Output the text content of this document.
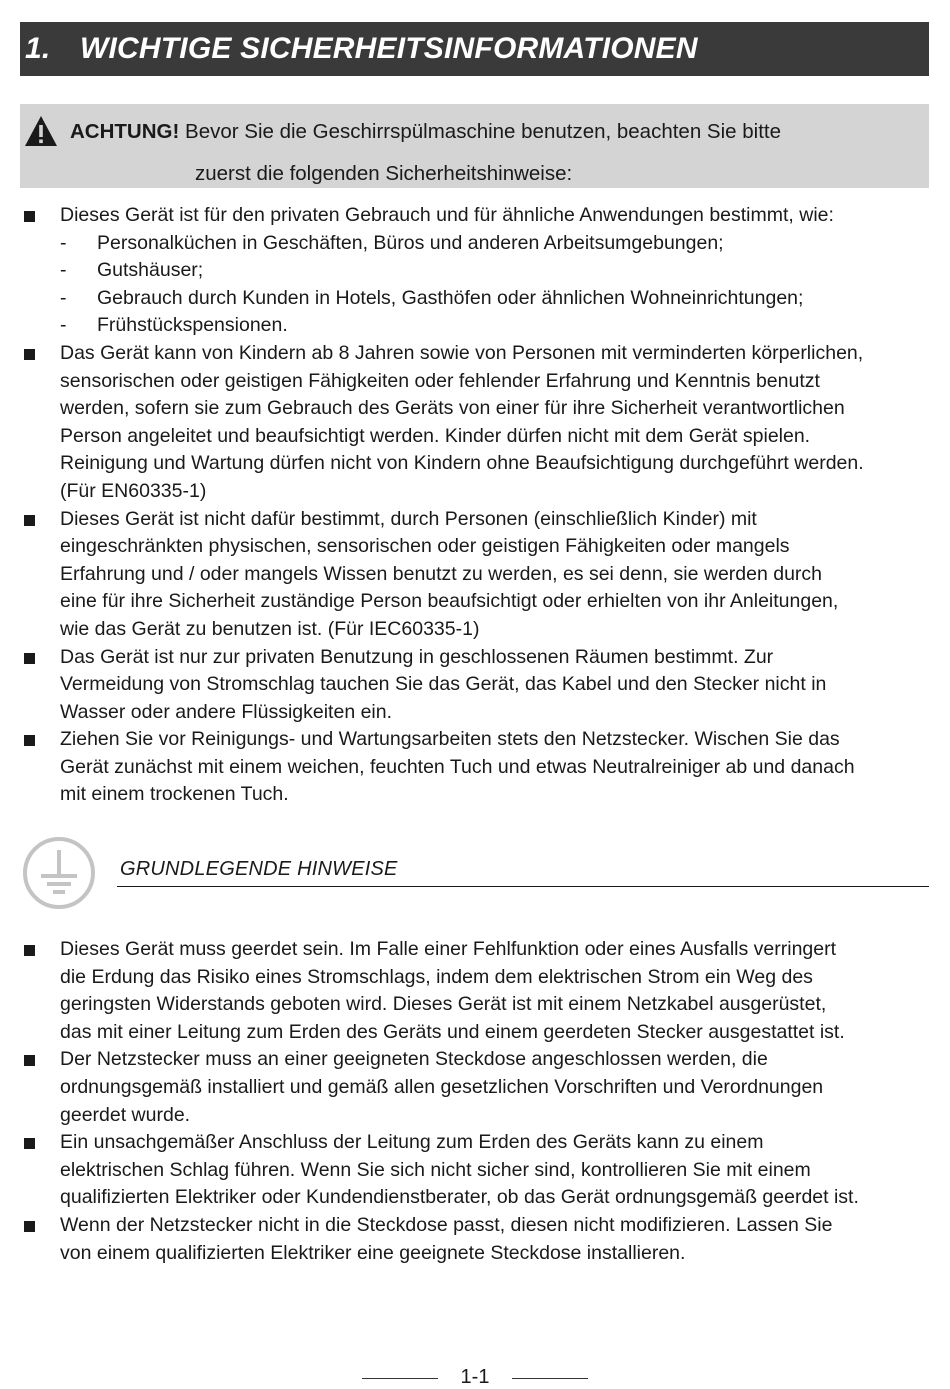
1. WICHTIGE SICHERHEITSINFORMATIONEN
ACHTUNG! Bevor Sie die Geschirrspülmaschine benutzen, beachten Sie bitte
zuerst die folgenden Sicherheitshinweise:
Dieses Gerät ist für den privaten Gebrauch und für ähnliche Anwendungen bestimmt, wie:
- Personalküchen in Geschäften, Büros und anderen Arbeitsumgebungen;
- Gutshäuser;
- Gebrauch durch Kunden in Hotels, Gasthöfen oder ähnlichen Wohneinrichtungen;
- Frühstückspensionen.
Das Gerät kann von Kindern ab 8 Jahren sowie von Personen mit verminderten körperlichen,
sensorischen oder geistigen Fähigkeiten oder fehlender Erfahrung und Kenntnis benutzt
werden, sofern sie zum Gebrauch des Geräts von einer für ihre Sicherheit verantwortlichen
Person angeleitet und beaufsichtigt werden. Kinder dürfen nicht mit dem Gerät spielen.
Reinigung und Wartung dürfen nicht von Kindern ohne Beaufsichtigung durchgeführt werden.
(Für EN60335-1)
Dieses Gerät ist nicht dafür bestimmt, durch Personen (einschließlich Kinder) mit
eingeschränkten physischen, sensorischen oder geistigen Fähigkeiten oder mangels
Erfahrung und / oder mangels Wissen benutzt zu werden, es sei denn, sie werden durch
eine für ihre Sicherheit zuständige Person beaufsichtigt oder erhielten von ihr Anleitungen,
wie das Gerät zu benutzen ist. (Für IEC60335-1)
Das Gerät ist nur zur privaten Benutzung in geschlossenen Räumen bestimmt. Zur
Vermeidung von Stromschlag tauchen Sie das Gerät, das Kabel und den Stecker nicht in
Wasser oder andere Flüssigkeiten ein.
Ziehen Sie vor Reinigungs- und Wartungsarbeiten stets den Netzstecker. Wischen Sie das
Gerät zunächst mit einem weichen, feuchten Tuch und etwas Neutralreiniger ab und danach
mit einem trockenen Tuch.
GRUNDLEGENDE HINWEISE
Dieses Gerät muss geerdet sein. Im Falle einer Fehlfunktion oder eines Ausfalls verringert
die Erdung das Risiko eines Stromschlags, indem dem elektrischen Strom ein Weg des
geringsten Widerstands geboten wird. Dieses Gerät ist mit einem Netzkabel ausgerüstet,
das mit einer Leitung zum Erden des Geräts und einem geerdeten Stecker ausgestattet ist.
Der Netzstecker muss an einer geeigneten Steckdose angeschlossen werden, die
ordnungsgemäß installiert und gemäß allen gesetzlichen Vorschriften und Verordnungen
geerdet wurde.
Ein unsachgemäßer Anschluss der Leitung zum Erden des Geräts kann zu einem
elektrischen Schlag führen. Wenn Sie sich nicht sicher sind, kontrollieren Sie mit einem
qualifizierten Elektriker oder Kundendienstberater, ob das Gerät ordnungsgemäß geerdet ist.
Wenn der Netzstecker nicht in die Steckdose passt, diesen nicht modifizieren. Lassen Sie
von einem qualifizierten Elektriker eine geeignete Steckdose installieren.
1-1
